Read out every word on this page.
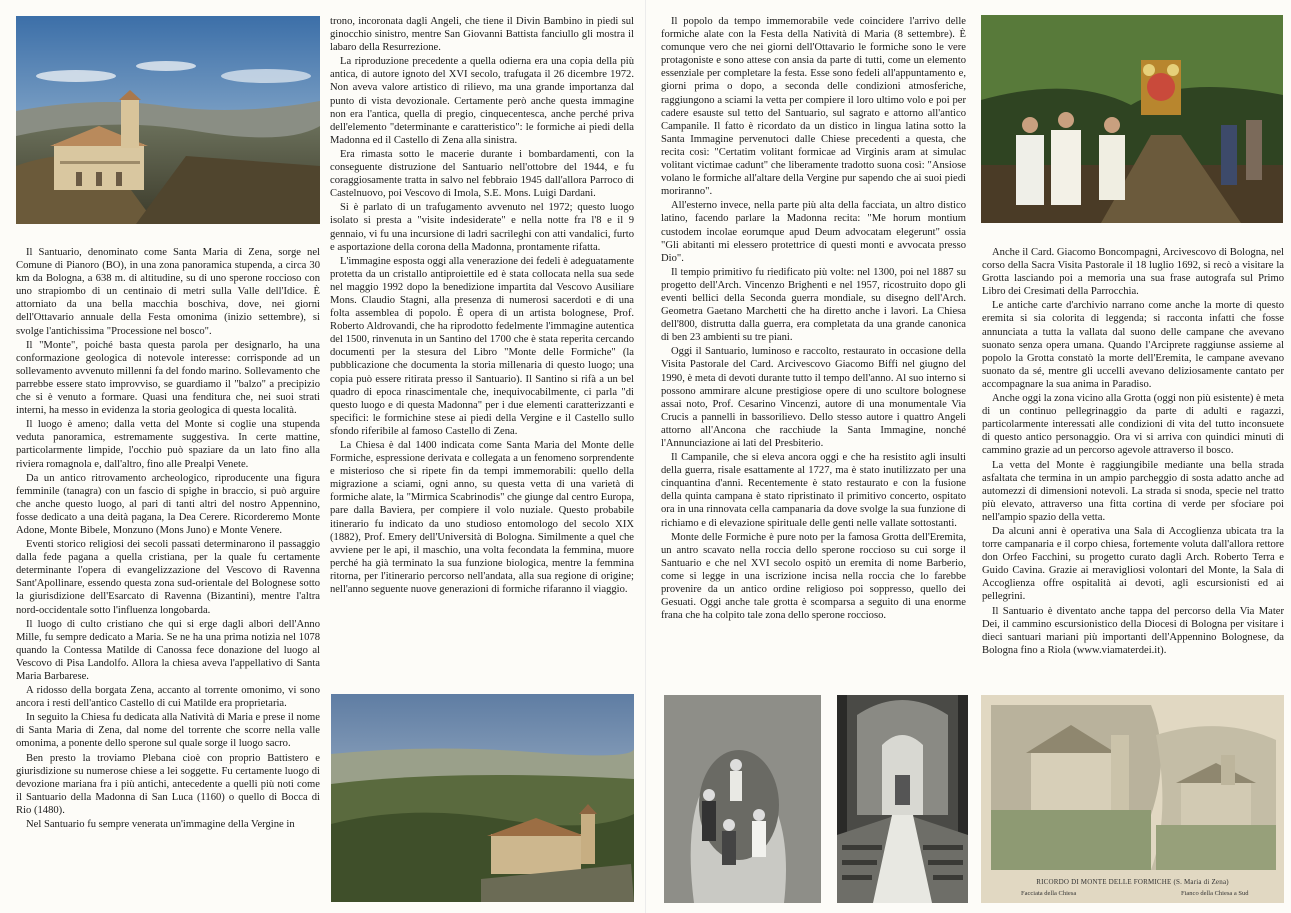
Il Santuario, denominato come Santa Maria di Zena, sorge nel Comune di Pianoro (BO), in una zona panoramica stupenda, a circa 30 km da Bologna, a 638 m. di altitudine, su di uno sperone roccioso con uno strapiombo di un centinaio di metri sulla Valle dell'Idice. È attorniato da una bella macchia boschiva, dove, nei giorni dell'Ottavario annuale della Festa omonima (inizio settembre), si svolge l'antichissima "Processione nel bosco".

Il "Monte", poiché basta questa parola per designarlo, ha una conformazione geologica di notevole interesse: corrisponde ad un sollevamento avvenuto millenni fa del fondo marino. Sollevamento che parrebbe essere stato improvviso, se guardiamo il "balzo" a precipizio che si è venuto a formare. Quasi una fenditura che, nei suoi strati interni, ha messo in evidenza la storia geologica di questa località.

Il luogo è ameno; dalla vetta del Monte si coglie una stupenda veduta panoramica, estremamente suggestiva. In certe mattine, particolarmente limpide, l'occhio può spaziare da un lato fino alla riviera romagnola e, dall'altro, fino alle Prealpi Venete.

Da un antico ritrovamento archeologico, riproducente una figura femminile (tanagra) con un fascio di spighe in braccio, si può arguire che anche questo luogo, al pari di tanti altri del nostro Appennino, fosse dedicato a una deità pagana, la Dea Cerere. Ricorderemo Monte Adone, Monte Bibele, Monzuno (Mons Juno) e Monte Venere.

Eventi storico religiosi dei secoli passati determinarono il passaggio dalla fede pagana a quella cristiana, per la quale fu certamente determinante l'opera di evangelizzazione del Vescovo di Ravenna Sant'Apollinare, essendo questa zona sud-orientale del Bolognese sotto la giurisdizione dell'Esarcato di Ravenna (Bizantini), mentre l'altra nord-occidentale sotto l'influenza longobarda.

Il luogo di culto cristiano che qui si erge dagli albori dell'Anno Mille, fu sempre dedicato a Maria. Se ne ha una prima notizia nel 1078 quando la Contessa Matilde di Canossa fece donazione del luogo al Vescovo di Pisa Landolfo. Allora la chiesa aveva l'appellativo di Santa Maria Barbarese.

A ridosso della borgata Zena, accanto al torrente omonimo, vi sono ancora i resti dell'antico Castello di cui Matilde era proprietaria.

In seguito la Chiesa fu dedicata alla Natività di Maria e prese il nome di Santa Maria di Zena, dal nome del torrente che scorre nella valle omonima, a ponente dello sperone sul quale sorge il luogo sacro.

Ben presto la troviamo Plebana cioè con proprio Battistero e giurisdizione su numerose chiese a lei soggette. Fu certamente luogo di devozione mariana fra i più antichi, antecedente a quelli più noti come il Santuario della Madonna di San Luca (1160) o quello di Bocca di Rio (1480).

Nel Santuario fu sempre venerata un'immagine della Vergine in

trono, incoronata dagli Angeli, che tiene il Divin Bambino in piedi sul ginocchio sinistro, mentre San Giovanni Battista fanciullo gli mostra il labaro della Resurrezione.

La riproduzione precedente a quella odierna era una copia della più antica, di autore ignoto del XVI secolo, trafugata il 26 dicembre 1972. Non aveva valore artistico di rilievo, ma una grande importanza dal punto di vista devozionale. Certamente però anche questa immagine non era l'antica, quella di pregio, cinquecentesca, anche perché priva dell'elemento "determinante e caratteristico": le formiche ai piedi della Madonna ed il Castello di Zena alla sinistra.

Era rimasta sotto le macerie durante i bombardamenti, con la conseguente distruzione del Santuario nell'ottobre del 1944, e fu coraggiosamente tratta in salvo nel febbraio 1945 dall'allora Parroco di Castelnuovo, poi Vescovo di Imola, S.E. Mons. Luigi Dardani.

Si è parlato di un trafugamento avvenuto nel 1972; questo luogo isolato si presta a "visite indesiderate" e nella notte fra l'8 e il 9 gennaio, vi fu una incursione di ladri sacrileghi con atti vandalici, furto e asportazione della corona della Madonna, prontamente rifatta.

L'immagine esposta oggi alla venerazione dei fedeli è adeguatamente protetta da un cristallo antiproiettile ed è stata collocata nella sua sede nel maggio 1992 dopo la benedizione impartita dal Vescovo Ausiliare Mons. Claudio Stagni, alla presenza di numerosi sacerdoti e di una folta assemblea di popolo. È opera di un artista bolognese, Prof. Roberto Aldrovandi, che ha riprodotto fedelmente l'immagine autentica del 1500, rinvenuta in un Santino del 1700 che è stata reperita cercando documenti per la stesura del Libro "Monte delle Formiche" (la pubblicazione che documenta la storia millenaria di questo luogo; una copia può essere ritirata presso il Santuario). Il Santino si rifà a un bel quadro di epoca rinascimentale che, inequivocabilmente, ci parla "di questo luogo e di questa Madonna" per i due elementi caratterizzanti e specifici: le formichine stese ai piedi della Vergine e il Castello sullo sfondo riferibile al famoso Castello di Zena.

La Chiesa è dal 1400 indicata come Santa Maria del Monte delle Formiche, espressione derivata e collegata a un fenomeno sorprendente e misterioso che si ripete fin da tempi immemorabili: quello della migrazione a sciami, ogni anno, su questa vetta di una varietà di formiche alate, la "Mirmica Scabrinodis" che giunge dal centro Europa, pare dalla Baviera, per compiere il volo nuziale. Questo probabile itinerario fu indicato da uno studioso entomologo del secolo XIX (1882), Prof. Emery dell'Università di Bologna. Similmente a quel che avviene per le api, il maschio, una volta fecondata la femmina, muore perché ha già terminato la sua funzione biologica, mentre la femmina ritorna, per l'itinerario percorso nell'andata, alla sua regione di origine; nell'anno seguente nuove generazioni di formiche rifaranno il viaggio.

Il popolo da tempo immemorabile vede coincidere l'arrivo delle formiche alate con la Festa della Natività di Maria (8 settembre). È comunque vero che nei giorni dell'Ottavario le formiche sono le vere protagoniste e sono attese con ansia da parte di tutti, come un elemento essenziale per completare la festa. Esse sono fedeli all'appuntamento e, giorni prima o dopo, a seconda delle condizioni atmosferiche, raggiungono a sciami la vetta per compiere il loro ultimo volo e poi per cadere esauste sul tetto del Santuario, sul sagrato e attorno all'antico Campanile. Il fatto è ricordato da un distico in lingua latina sotto la Santa Immagine pervenutoci dalle Chiese precedenti a questa, che recita così: "Certatim volitant formicae ad Virginis aram at simulac volitant victimae cadunt" che liberamente tradotto suona così: "Ansiose volano le formiche all'altare della Vergine pur sapendo che ai suoi piedi moriranno".

All'esterno invece, nella parte più alta della facciata, un altro distico latino, facendo parlare la Madonna recita: "Me horum montium custodem incolae eorumque apud Deum advocatam elegerunt" ossia "Gli abitanti mi elessero protettrice di questi monti e avvocata presso Dio".

Il tempio primitivo fu riedificato più volte: nel 1300, poi nel 1887 su progetto dell'Arch. Vincenzo Brighenti e nel 1957, ricostruito dopo gli eventi bellici della Seconda guerra mondiale, su disegno dell'Arch. Geometra Gaetano Marchetti che ha diretto anche i lavori. La Chiesa dell'800, distrutta dalla guerra, era completata da una grande canonica di ben 23 ambienti su tre piani.

Oggi il Santuario, luminoso e raccolto, restaurato in occasione della Visita Pastorale del Card. Arcivescovo Giacomo Biffi nel giugno del 1990, è meta di devoti durante tutto il tempo dell'anno. Al suo interno si possono ammirare alcune prestigiose opere di uno scultore bolognese assai noto, Prof. Cesarino Vincenzi, autore di una monumentale Via Crucis a pannelli in bassorilievo. Dello stesso autore i quattro Angeli attorno all'Ancona che racchiude la Santa Immagine, nonché l'Annunciazione ai lati del Presbiterio.

Il Campanile, che si eleva ancora oggi e che ha resistito agli insulti della guerra, risale esattamente al 1727, ma è stato inutilizzato per una cinquantina d'anni. Recentemente è stato restaurato e con la fusione della quinta campana è stato ripristinato il primitivo concerto, ospitato ora in una rinnovata cella campanaria da dove svolge la sua funzione di richiamo e di elevazione spirituale delle genti nelle vallate sottostanti.

Monte delle Formiche è pure noto per la famosa Grotta dell'Eremita, un antro scavato nella roccia dello sperone roccioso su cui sorge il Santuario e che nel XVI secolo ospitò un eremita di nome Barberio, come si legge in una iscrizione incisa nella roccia che lo farebbe provenire da un antico ordine religioso poi soppresso, quello dei Gesuati. Oggi anche tale grotta è scomparsa a seguito di una enorme frana che ha colpito tale zona dello sperone roccioso.

Anche il Card. Giacomo Boncompagni, Arcivescovo di Bologna, nel corso della Sacra Visita Pastorale il 18 luglio 1692, si recò a visitare la Grotta lasciando poi a memoria una sua frase autografa sul Primo Libro dei Cresimati della Parrocchia.

Le antiche carte d'archivio narrano come anche la morte di questo eremita si sia colorita di leggenda; si racconta infatti che fosse annunciata a tutta la vallata dal suono delle campane che avevano suonato senza opera umana. Quando l'Arciprete raggiunse assieme al popolo la Grotta constatò la morte dell'Eremita, le campane avevano suonato da sé, mentre gli uccelli avevano deliziosamente cantato per accompagnare la sua anima in Paradiso.

Anche oggi la zona vicino alla Grotta (oggi non più esistente) è meta di un continuo pellegrinaggio da parte di adulti e ragazzi, particolarmente interessati alle condizioni di vita del tutto inconsuete di questo antico personaggio. Ora vi si arriva con quindici minuti di cammino grazie ad un percorso agevole attraverso il bosco.

La vetta del Monte è raggiungibile mediante una bella strada asfaltata che termina in un ampio parcheggio di sosta adatto anche ad automezzi di dimensioni notevoli. La strada si snoda, specie nel tratto più elevato, attraverso una fitta cortina di verde per sfociare poi nell'ampio spazio della vetta.

Da alcuni anni è operativa una Sala di Accoglienza ubicata tra la torre campanaria e il corpo chiesa, fortemente voluta dall'allora rettore don Orfeo Facchini, su progetto curato dagli Arch. Roberto Terra e Guido Cavina. Grazie ai meravigliosi volontari del Monte, la Sala di Accoglienza offre ospitalità ai devoti, agli escursionisti ed ai pellegrini.

Il Santuario è diventato anche tappa del percorso della Via Mater Dei, il cammino escursionistico della Diocesi di Bologna per visitare i dieci santuari mariani più importanti dell'Appennino Bolognese, da Bologna fino a Riola (www.viamaterdei.it).

RICORDO DI MONTE DELLE FORMICHE (S. Maria di Zena)
Facciata della Chiesa	Fianco della Chiesa a Sud
